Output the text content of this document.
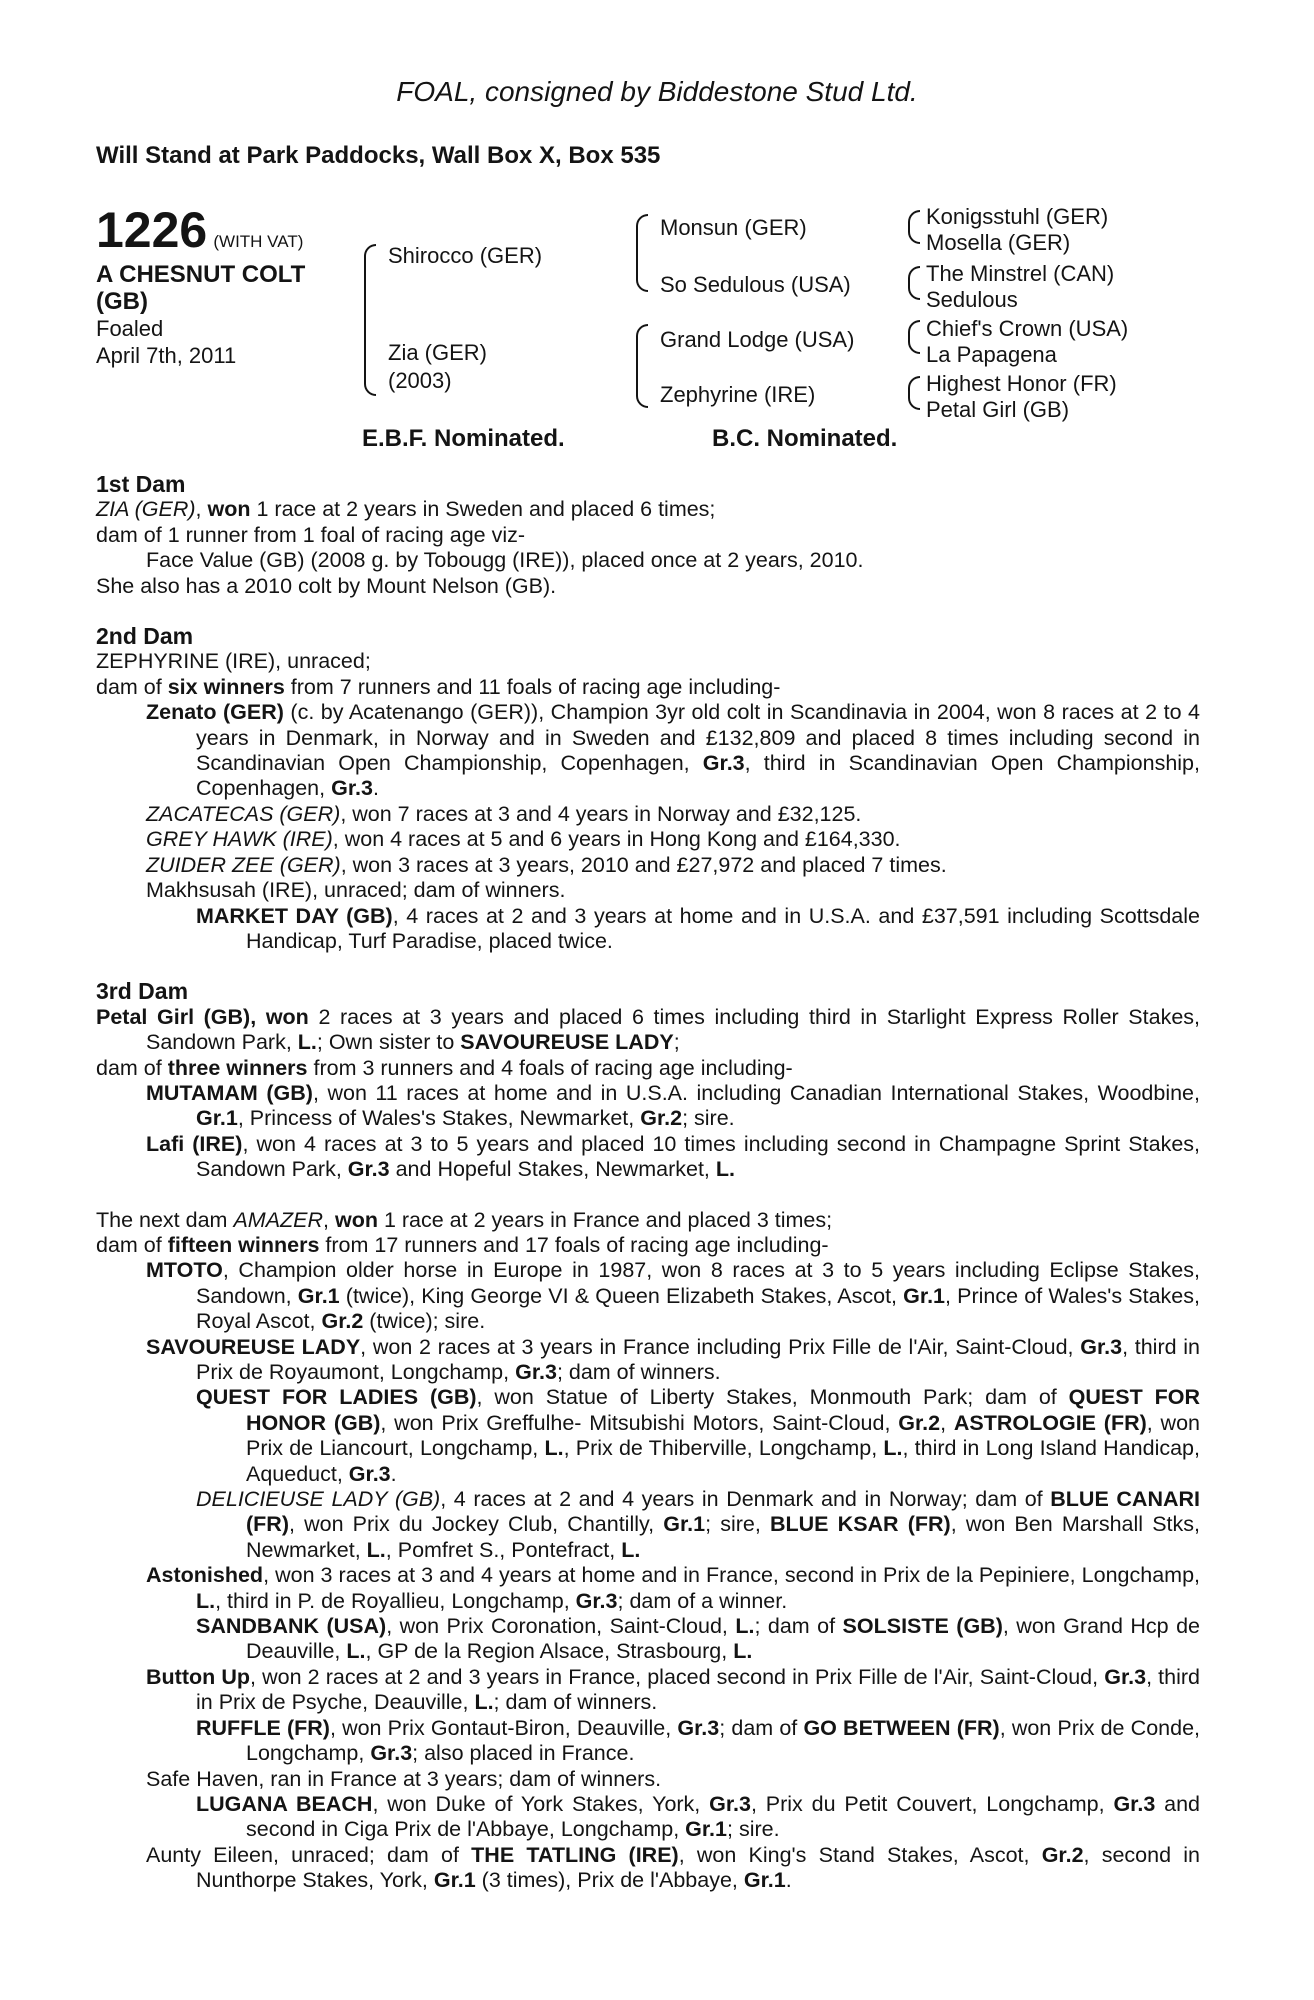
FOAL, consigned by Biddestone Stud Ltd.
Will Stand at Park Paddocks, Wall Box X, Box 535
1226 (WITH VAT)
A CHESNUT COLT
(GB)
Foaled
April 7th, 2011
Shirocco (GER)
Zia (GER)
(2003)
Monsun (GER)
So Sedulous (USA)
Grand Lodge (USA)
Zephyrine (IRE)
Konigsstuhl (GER)
Mosella (GER)
The Minstrel (CAN)
Sedulous
Chief's Crown (USA)
La Papagena
Highest Honor (FR)
Petal Girl (GB)
E.B.F. Nominated.	B.C. Nominated.

1st Dam

ZIA (GER), won 1 race at 2 years in Sweden and placed 6 times;

dam of 1 runner from 1 foal of racing age viz-

Face Value (GB) (2008 g. by Tobougg (IRE)), placed once at 2 years, 2010.

She also has a 2010 colt by Mount Nelson (GB).

2nd Dam

ZEPHYRINE (IRE), unraced;

dam of six winners from 7 runners and 11 foals of racing age including-

Zenato (GER) (c. by Acatenango (GER)), Champion 3yr old colt in Scandinavia in 2004, won 8 races at 2 to 4 years in Denmark, in Norway and in Sweden and £132,809 and placed 8 times including second in Scandinavian Open Championship, Copenhagen, Gr.3, third in Scandinavian Open Championship, Copenhagen, Gr.3.

ZACATECAS (GER), won 7 races at 3 and 4 years in Norway and £32,125.

GREY HAWK (IRE), won 4 races at 5 and 6 years in Hong Kong and £164,330.

ZUIDER ZEE (GER), won 3 races at 3 years, 2010 and £27,972 and placed 7 times.

Makhsusah (IRE), unraced; dam of winners.

MARKET DAY (GB), 4 races at 2 and 3 years at home and in U.S.A. and £37,591 including Scottsdale Handicap, Turf Paradise, placed twice.

3rd Dam

Petal Girl (GB), won 2 races at 3 years and placed 6 times including third in Starlight Express Roller Stakes, Sandown Park, L.; Own sister to SAVOUREUSE LADY;

dam of three winners from 3 runners and 4 foals of racing age including-

MUTAMAM (GB), won 11 races at home and in U.S.A. including Canadian International Stakes, Woodbine, Gr.1, Princess of Wales's Stakes, Newmarket, Gr.2; sire.

Lafi (IRE), won 4 races at 3 to 5 years and placed 10 times including second in Champagne Sprint Stakes, Sandown Park, Gr.3 and Hopeful Stakes, Newmarket, L.

The next dam AMAZER, won 1 race at 2 years in France and placed 3 times;

dam of fifteen winners from 17 runners and 17 foals of racing age including-

MTOTO, Champion older horse in Europe in 1987, won 8 races at 3 to 5 years including Eclipse Stakes, Sandown, Gr.1 (twice), King George VI & Queen Elizabeth Stakes, Ascot, Gr.1, Prince of Wales's Stakes, Royal Ascot, Gr.2 (twice); sire.

SAVOUREUSE LADY, won 2 races at 3 years in France including Prix Fille de l'Air, Saint-Cloud, Gr.3, third in Prix de Royaumont, Longchamp, Gr.3; dam of winners.

QUEST FOR LADIES (GB), won Statue of Liberty Stakes, Monmouth Park; dam of QUEST FOR HONOR (GB), won Prix Greffulhe- Mitsubishi Motors, Saint-Cloud, Gr.2, ASTROLOGIE (FR), won Prix de Liancourt, Longchamp, L., Prix de Thiberville, Longchamp, L., third in Long Island Handicap, Aqueduct, Gr.3.

DELICIEUSE LADY (GB), 4 races at 2 and 4 years in Denmark and in Norway; dam of BLUE CANARI (FR), won Prix du Jockey Club, Chantilly, Gr.1; sire, BLUE KSAR (FR), won Ben Marshall Stks, Newmarket, L., Pomfret S., Pontefract, L.

Astonished, won 3 races at 3 and 4 years at home and in France, second in Prix de la Pepiniere, Longchamp, L., third in P. de Royallieu, Longchamp, Gr.3; dam of a winner.

SANDBANK (USA), won Prix Coronation, Saint-Cloud, L.; dam of SOLSISTE (GB), won Grand Hcp de Deauville, L., GP de la Region Alsace, Strasbourg, L.

Button Up, won 2 races at 2 and 3 years in France, placed second in Prix Fille de l'Air, Saint-Cloud, Gr.3, third in Prix de Psyche, Deauville, L.; dam of winners.

RUFFLE (FR), won Prix Gontaut-Biron, Deauville, Gr.3; dam of GO BETWEEN (FR), won Prix de Conde, Longchamp, Gr.3; also placed in France.

Safe Haven, ran in France at 3 years; dam of winners.

LUGANA BEACH, won Duke of York Stakes, York, Gr.3, Prix du Petit Couvert, Longchamp, Gr.3 and second in Ciga Prix de l'Abbaye, Longchamp, Gr.1; sire.

Aunty Eileen, unraced; dam of THE TATLING (IRE), won King's Stand Stakes, Ascot, Gr.2, second in Nunthorpe Stakes, York, Gr.1 (3 times), Prix de l'Abbaye, Gr.1.
